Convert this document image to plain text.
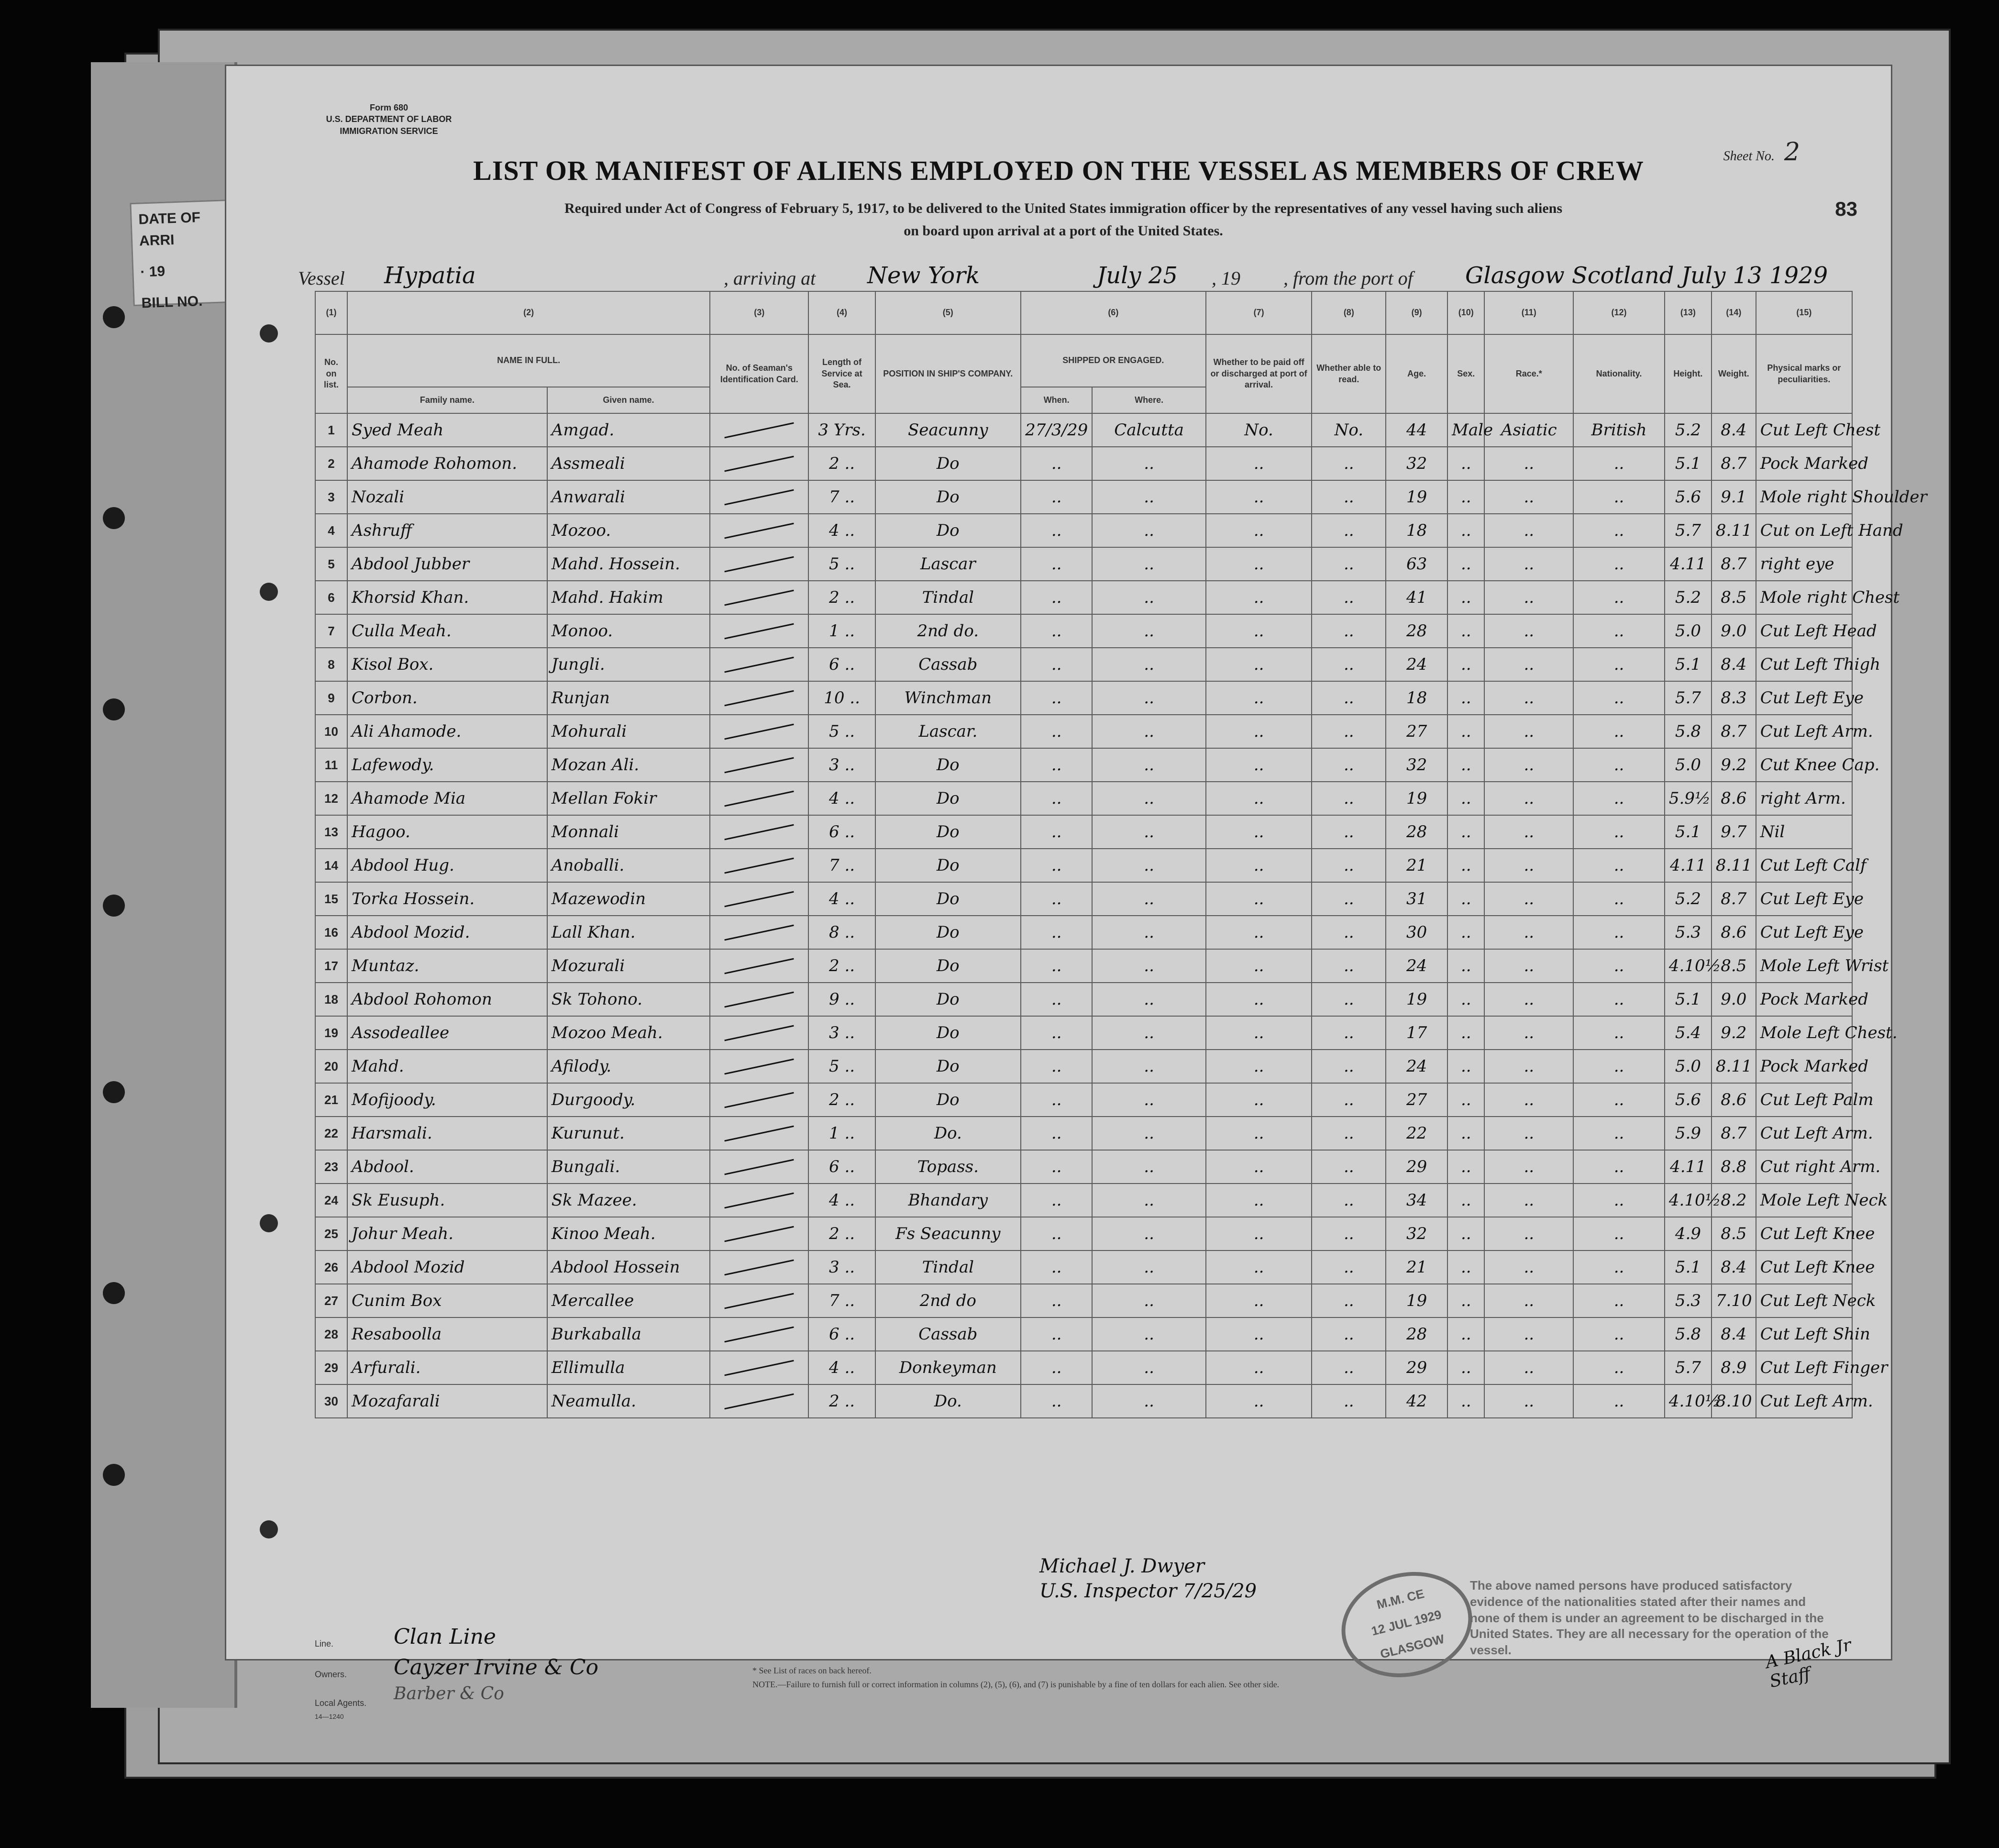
DATE OF ARRI
· 19
BILL NO.
Form 680
U.S. DEPARTMENT OF LABOR
IMMIGRATION SERVICE
Sheet No. 2
LIST OR MANIFEST OF ALIENS EMPLOYED ON THE VESSEL AS MEMBERS OF CREW
Required under Act of Congress of February 5, 1917, to be delivered to the United States immigration officer by the representatives of any vessel having such aliens
on board upon arrival at a port of the United States.
83
Vessel Hypatia	, arriving at New York	July 25 , 19 , from the port of Glasgow Scotland July 13 1929
(1)	(2)		(3)	(4)	(5)	(6)		(7)	(8)	(9)	(10)	(11)	(12)	(13)	(14)	(15)
No. on list.	NAME IN FULL.		No. of Seaman's Identification Card.	Length of Service at Sea.	POSITION IN SHIP'S COMPANY.	SHIPPED OR ENGAGED.		Whether to be paid off or discharged at port of arrival.	Whether able to read.	Age.	Sex.	Race.*	Nationality.	Height.	Weight.	Physical marks or peculiarities.
	Family name.	Given name.				When.	Where.									
1	Syed Meah	Amgad.		3 Yrs.	Seacunny	27/3/29	Calcutta	No.	No.	44	Male	Asiatic	British	5.2	8.4	Cut Left Chest
2	Ahamode Rohomon.	Assmeali		2 ..	Do	..	..	..	..	32	..	..	..	5.1	8.7	Pock Marked
3	Nozali	Anwarali		7 ..	Do	..	..	..	..	19	..	..	..	5.6	9.1	Mole right Shoulder
4	Ashruff	Mozoo.		4 ..	Do	..	..	..	..	18	..	..	..	5.7	8.11	Cut on Left Hand
5	Abdool Jubber	Mahd. Hossein.		5 ..	Lascar	..	..	..	..	63	..	..	..	4.11	8.7	right eye
6	Khorsid Khan.	Mahd. Hakim		2 ..	Tindal	..	..	..	..	41	..	..	..	5.2	8.5	Mole right Chest
7	Culla Meah.	Monoo.		1 ..	2nd do.	..	..	..	..	28	..	..	..	5.0	9.0	Cut Left Head
8	Kisol Box.	Jungli.		6 ..	Cassab	..	..	..	..	24	..	..	..	5.1	8.4	Cut Left Thigh
9	Corbon.	Runjan		10 ..	Winchman	..	..	..	..	18	..	..	..	5.7	8.3	Cut Left Eye
10	Ali Ahamode.	Mohurali		5 ..	Lascar.	..	..	..	..	27	..	..	..	5.8	8.7	Cut Left Arm.
11	Lafewody.	Mozan Ali.		3 ..	Do	..	..	..	..	32	..	..	..	5.0	9.2	Cut Knee Cap.
12	Ahamode Mia	Mellan Fokir		4 ..	Do	..	..	..	..	19	..	..	..	5.9½	8.6	right Arm.
13	Hagoo.	Monnali		6 ..	Do	..	..	..	..	28	..	..	..	5.1	9.7	Nil
14	Abdool Hug.	Anoballi.		7 ..	Do	..	..	..	..	21	..	..	..	4.11	8.11	Cut Left Calf
15	Torka Hossein.	Mazewodin		4 ..	Do	..	..	..	..	31	..	..	..	5.2	8.7	Cut Left Eye
16	Abdool Mozid.	Lall Khan.		8 ..	Do	..	..	..	..	30	..	..	..	5.3	8.6	Cut Left Eye
17	Muntaz.	Mozurali		2 ..	Do	..	..	..	..	24	..	..	..	4.10½	8.5	Mole Left Wrist
18	Abdool Rohomon	Sk Tohono.		9 ..	Do	..	..	..	..	19	..	..	..	5.1	9.0	Pock Marked
19	Assodeallee	Mozoo Meah.		3 ..	Do	..	..	..	..	17	..	..	..	5.4	9.2	Mole Left Chest.
20	Mahd.	Afilody.		5 ..	Do	..	..	..	..	24	..	..	..	5.0	8.11	Pock Marked
21	Mofijoody.	Durgoody.		2 ..	Do	..	..	..	..	27	..	..	..	5.6	8.6	Cut Left Palm
22	Harsmali.	Kurunut.		1 ..	Do.	..	..	..	..	22	..	..	..	5.9	8.7	Cut Left Arm.
23	Abdool.	Bungali.		6 ..	Topass.	..	..	..	..	29	..	..	..	4.11	8.8	Cut right Arm.
24	Sk Eusuph.	Sk Mazee.		4 ..	Bhandary	..	..	..	..	34	..	..	..	4.10½	8.2	Mole Left Neck
25	Johur Meah.	Kinoo Meah.		2 ..	Fs Seacunny	..	..	..	..	32	..	..	..	4.9	8.5	Cut Left Knee
26	Abdool Mozid	Abdool Hossein		3 ..	Tindal	..	..	..	..	21	..	..	..	5.1	8.4	Cut Left Knee
27	Cunim Box	Mercallee		7 ..	2nd do	..	..	..	..	19	..	..	..	5.3	7.10	Cut Left Neck
28	Resaboolla	Burkaballa		6 ..	Cassab	..	..	..	..	28	..	..	..	5.8	8.4	Cut Left Shin
29	Arfurali.	Ellimulla		4 ..	Donkeyman	..	..	..	..	29	..	..	..	5.7	8.9	Cut Left Finger
30	Mozafarali	Neamulla.		2 ..	Do.	..	..	..	..	42	..	..	..	4.10½	8.10	Cut Left Arm.
Michael J. Dwyer
U.S. Inspector 7/25/29	M.M. CE
12 JUL 1929
GLASGOW
The above named persons have produced satisfactory evidence of the nationalities stated after their names and none of them is under an agreement to be discharged in the United States. They are all necessary for the operation of the vessel.	A Black Jr Staff
Line.	Clan Line
Owners. Cayzer Irvine & Co
Local Agents. Barber & Co
14—1240
* See List of races on back hereof.
NOTE.—Failure to furnish full or correct information in columns (2), (5), (6), and (7) is punishable by a fine of ten dollars for each alien. See other side.
